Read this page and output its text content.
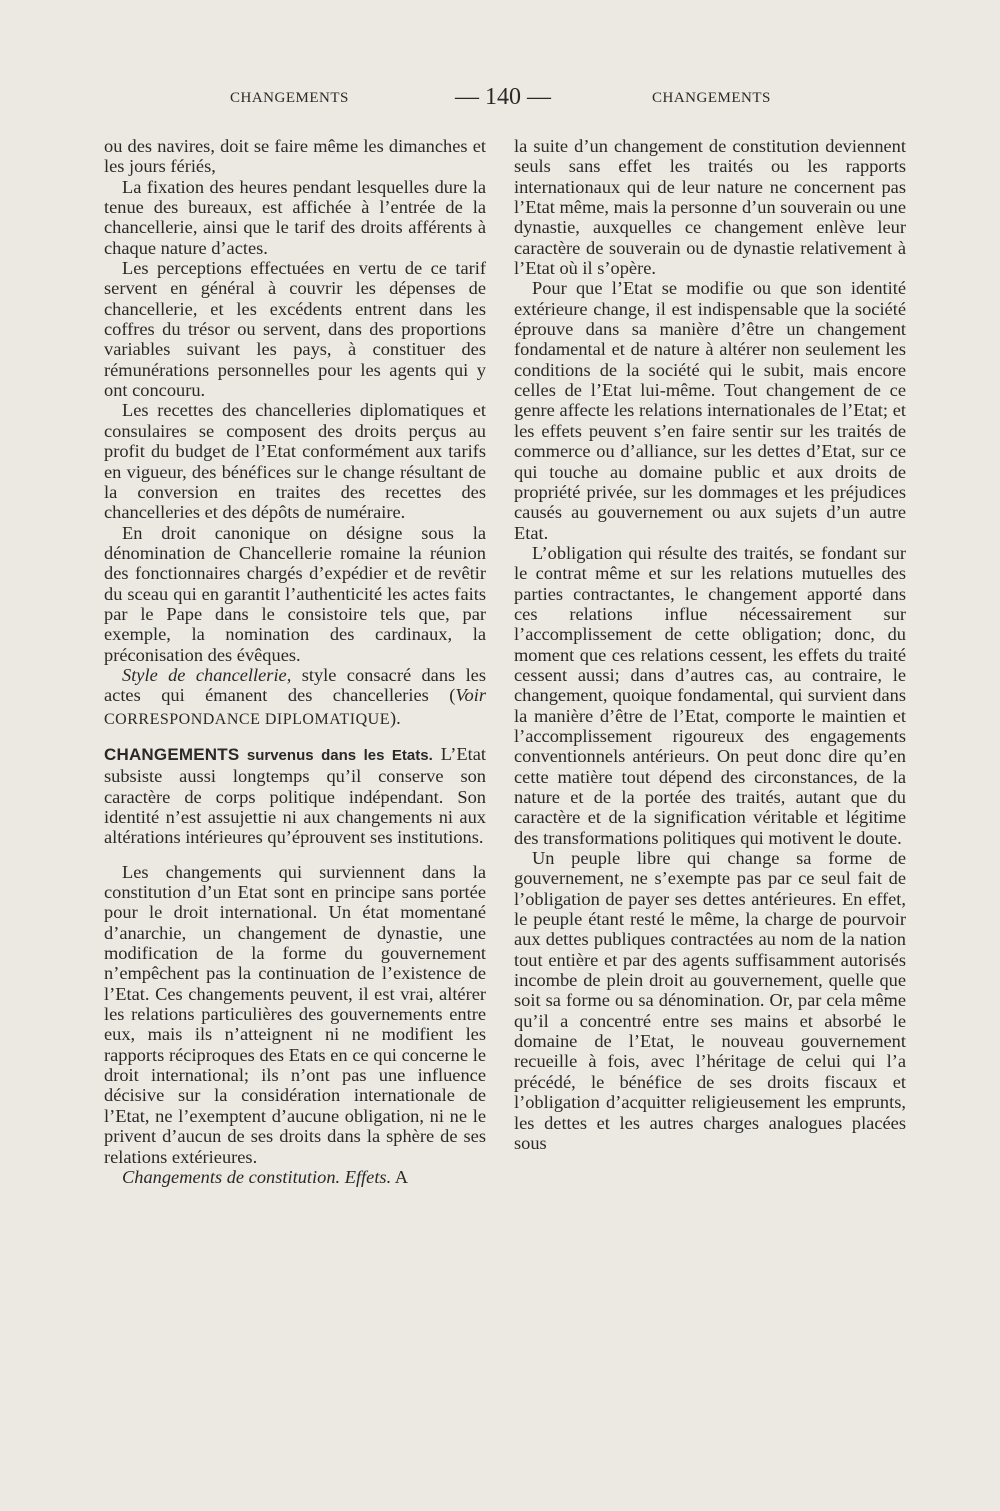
CHANGEMENTS	— 140 —	CHANGEMENTS

ou des navires, doit se faire même les dimanches et les jours fériés,

La fixation des heures pendant lesquelles dure la tenue des bureaux, est affichée à l’entrée de la chancellerie, ainsi que le tarif des droits afférents à chaque nature d’actes.

Les perceptions effectuées en vertu de ce tarif servent en général à couvrir les dépenses de chancellerie, et les excédents entrent dans les coffres du trésor ou servent, dans des proportions variables suivant les pays, à constituer des rémunérations personnelles pour les agents qui y ont concouru.

Les recettes des chancelleries diplomatiques et consulaires se composent des droits perçus au profit du budget de l’Etat conformément aux tarifs en vigueur, des bénéfices sur le change résultant de la conversion en traites des recettes des chancelleries et des dépôts de numéraire.

En droit canonique on désigne sous la dénomination de Chancellerie romaine la réunion des fonctionnaires chargés d’expédier et de revêtir du sceau qui en garantit l’authenticité les actes faits par le Pape dans le consistoire tels que, par exemple, la nomination des cardinaux, la préconisation des évêques.

Style de chancellerie, style consacré dans les actes qui émanent des chancelleries (Voir CORRESPONDANCE DIPLOMATIQUE).

CHANGEMENTS survenus dans les Etats. L’Etat subsiste aussi longtemps qu’il conserve son caractère de corps politique indépendant. Son identité n’est assujettie ni aux changements ni aux altérations intérieures qu’éprouvent ses institutions.

Les changements qui surviennent dans la constitution d’un Etat sont en principe sans portée pour le droit international. Un état momentané d’anarchie, un changement de dynastie, une modification de la forme du gouvernement n’empêchent pas la continuation de l’existence de l’Etat. Ces changements peuvent, il est vrai, altérer les relations particulières des gouvernements entre eux, mais ils n’atteignent ni ne modifient les rapports réciproques des Etats en ce qui concerne le droit international; ils n’ont pas une influence décisive sur la considération internationale de l’Etat, ne l’exemptent d’aucune obligation, ni ne le privent d’aucun de ses droits dans la sphère de ses relations extérieures.

Changements de constitution. Effets. A

la suite d’un changement de constitution deviennent seuls sans effet les traités ou les rapports internationaux qui de leur nature ne concernent pas l’Etat même, mais la personne d’un souverain ou une dynastie, auxquelles ce changement enlève leur caractère de souverain ou de dynastie relativement à l’Etat où il s’opère.

Pour que l’Etat se modifie ou que son identité extérieure change, il est indispensable que la société éprouve dans sa manière d’être un changement fondamental et de nature à altérer non seulement les conditions de la société qui le subit, mais encore celles de l’Etat lui-même. Tout changement de ce genre affecte les relations internationales de l’Etat; et les effets peuvent s’en faire sentir sur les traités de commerce ou d’alliance, sur les dettes d’Etat, sur ce qui touche au domaine public et aux droits de propriété privée, sur les dommages et les préjudices causés au gouvernement ou aux sujets d’un autre Etat.

L’obligation qui résulte des traités, se fondant sur le contrat même et sur les relations mutuelles des parties contractantes, le changement apporté dans ces relations influe nécessairement sur l’accomplissement de cette obligation; donc, du moment que ces relations cessent, les effets du traité cessent aussi; dans d’autres cas, au contraire, le changement, quoique fondamental, qui survient dans la manière d’être de l’Etat, comporte le maintien et l’accomplissement rigoureux des engagements conventionnels antérieurs. On peut donc dire qu’en cette matière tout dépend des circonstances, de la nature et de la portée des traités, autant que du caractère et de la signification véritable et légitime des transformations politiques qui motivent le doute.

Un peuple libre qui change sa forme de gouvernement, ne s’exempte pas par ce seul fait de l’obligation de payer ses dettes antérieures. En effet, le peuple étant resté le même, la charge de pourvoir aux dettes publiques contractées au nom de la nation tout entière et par des agents suffisamment autorisés incombe de plein droit au gouvernement, quelle que soit sa forme ou sa dénomination. Or, par cela même qu’il a concentré entre ses mains et absorbé le domaine de l’Etat, le nouveau gouvernement recueille à fois, avec l’héritage de celui qui l’a précédé, le bénéfice de ses droits fiscaux et l’obligation d’acquitter religieusement les emprunts, les dettes et les autres charges analogues placées sous
